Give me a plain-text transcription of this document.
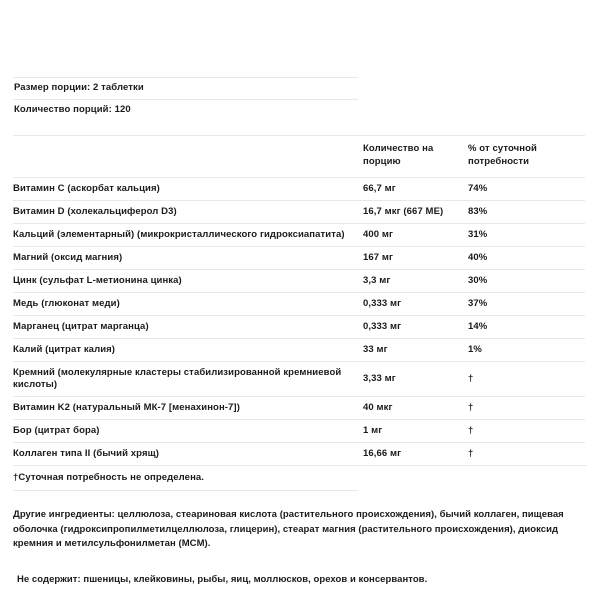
Размер порции: 2 таблетки
Количество порций: 120
	Количество на порцию	% от суточной потребности
Витамин C (аскорбат кальция)	66,7 мг	74%
Витамин D (холекальциферол D3)	16,7 мкг (667 МЕ)	83%
Кальций (элементарный) (микрокристаллического гидроксиапатита)	400 мг	31%
Магний (оксид магния)	167 мг	40%
Цинк (сульфат L-метионина цинка)	3,3 мг	30%
Медь (глюконат меди)	0,333 мг	37%
Марганец (цитрат марганца)	0,333 мг	14%
Калий (цитрат калия)	33 мг	1%

Кремний (молекулярные кластеры стабилизированной кремниевой кислоты)	3,33 мг	†
Витамин K2 (натуральный МК-7 [менахинон-7])	40 мкг	†
Бор (цитрат бора)	1 мг	†
Коллаген типа II (бычий хрящ)	16,66 мг	†
†Суточная потребность не определена.

Другие ингредиенты: целлюлоза, стеариновая кислота (растительного происхождения), бычий коллаген, пищевая оболочка (гидроксипропилметилцеллюлоза, глицерин), стеарат магния (растительного происхождения), диоксид кремния и метилсульфонилметан (MCM).

Не содержит: пшеницы, клейковины, рыбы, яиц, моллюсков, орехов и консервантов.
